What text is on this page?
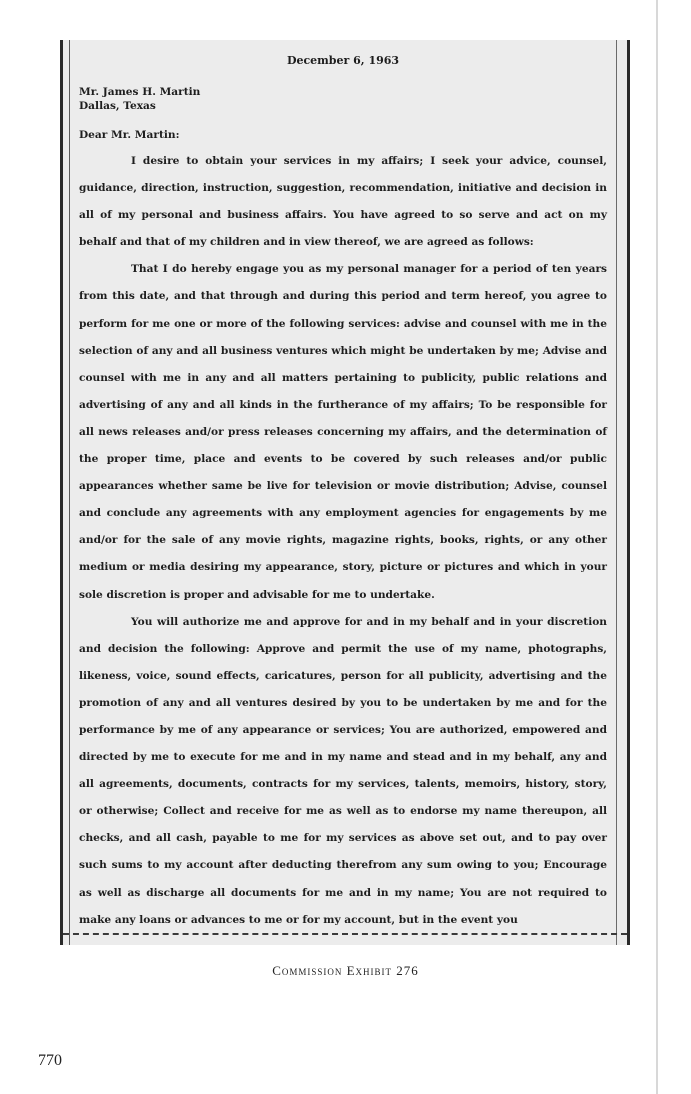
December 6, 1963
Mr. James H. Martin
Dallas, Texas
Dear Mr. Martin:

I desire to obtain your services in my affairs; I seek your advice, counsel, guidance, direction, instruction, suggestion, recommendation, initiative and decision in all of my personal and business affairs. You have agreed to so serve and act on my behalf and that of my children and in view thereof, we are agreed as follows:

That I do hereby engage you as my personal manager for a period of ten years from this date, and that through and during this period and term hereof, you agree to perform for me one or more of the following services: advise and counsel with me in the selection of any and all business ventures which might be undertaken by me; Advise and counsel with me in any and all matters pertaining to publicity, public relations and advertising of any and all kinds in the furtherance of my affairs; To be responsible for all news releases and/or press releases concerning my affairs, and the determination of the proper time, place and events to be covered by such releases and/or public appearances whether same be live for television or movie distribution; Advise, counsel and conclude any agreements with any employment agencies for engagements by me and/or for the sale of any movie rights, magazine rights, books, rights, or any other medium or media desiring my appearance, story, picture or pictures and which in your sole discretion is proper and advisable for me to undertake.

You will authorize me and approve for and in my behalf and in your discretion and decision the following: Approve and permit the use of my name, photographs, likeness, voice, sound effects, caricatures, person for all publicity, advertising and the promotion of any and all ventures desired by you to be undertaken by me and for the performance by me of any appearance or services; You are authorized, empowered and directed by me to execute for me and in my name and stead and in my behalf, any and all agreements, documents, contracts for my services, talents, memoirs, history, story, or otherwise; Collect and receive for me as well as to endorse my name thereupon, all checks, and all cash, payable to me for my services as above set out, and to pay over such sums to my account after deducting therefrom any sum owing to you; Encourage as well as discharge all documents for me and in my name; You are not required to make any loans or advances to me or for my account, but in the event you

Commission Exhibit 276
770
